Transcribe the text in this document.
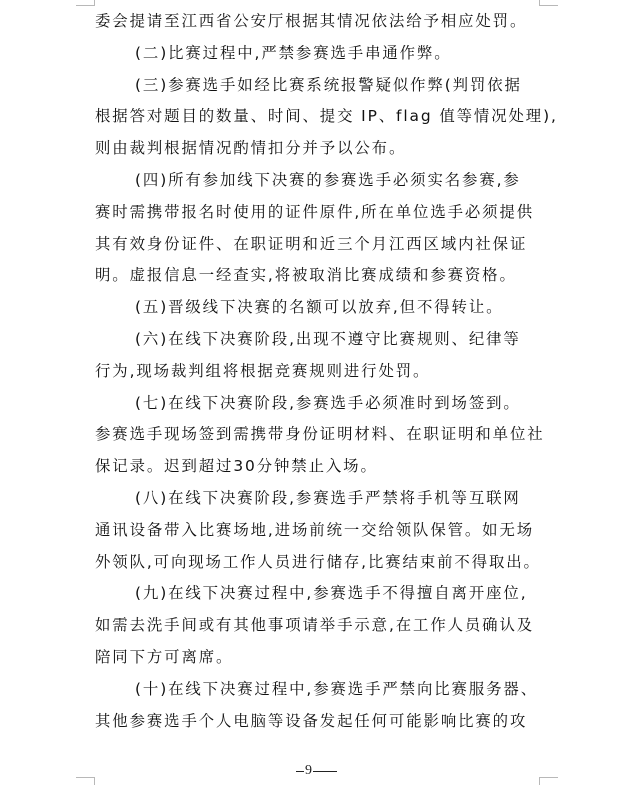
委会提请至江西省公安厅根据其情况依法给予相应处罚。
(二)比赛过程中,严禁参赛选手串通作弊。
(三)参赛选手如经比赛系统报警疑似作弊(判罚依据
根据答对题目的数量、时间、提交 IP、flag 值等情况处理),
则由裁判根据情况酌情扣分并予以公布。
(四)所有参加线下决赛的参赛选手必须实名参赛,参
赛时需携带报名时使用的证件原件,所在单位选手必须提供
其有效身份证件、在职证明和近三个月江西区域内社保证
明。虚报信息一经查实,将被取消比赛成绩和参赛资格。
(五)晋级线下决赛的名额可以放弃,但不得转让。
(六)在线下决赛阶段,出现不遵守比赛规则、纪律等
行为,现场裁判组将根据竞赛规则进行处罚。
(七)在线下决赛阶段,参赛选手必须准时到场签到。
参赛选手现场签到需携带身份证明材料、在职证明和单位社
保记录。迟到超过30分钟禁止入场。
(八)在线下决赛阶段,参赛选手严禁将手机等互联网
通讯设备带入比赛场地,进场前统一交给领队保管。如无场
外领队,可向现场工作人员进行储存,比赛结束前不得取出。
(九)在线下决赛过程中,参赛选手不得擅自离开座位,
如需去洗手间或有其他事项请举手示意,在工作人员确认及
陪同下方可离席。
(十)在线下决赛过程中,参赛选手严禁向比赛服务器、
其他参赛选手个人电脑等设备发起任何可能影响比赛的攻
9
